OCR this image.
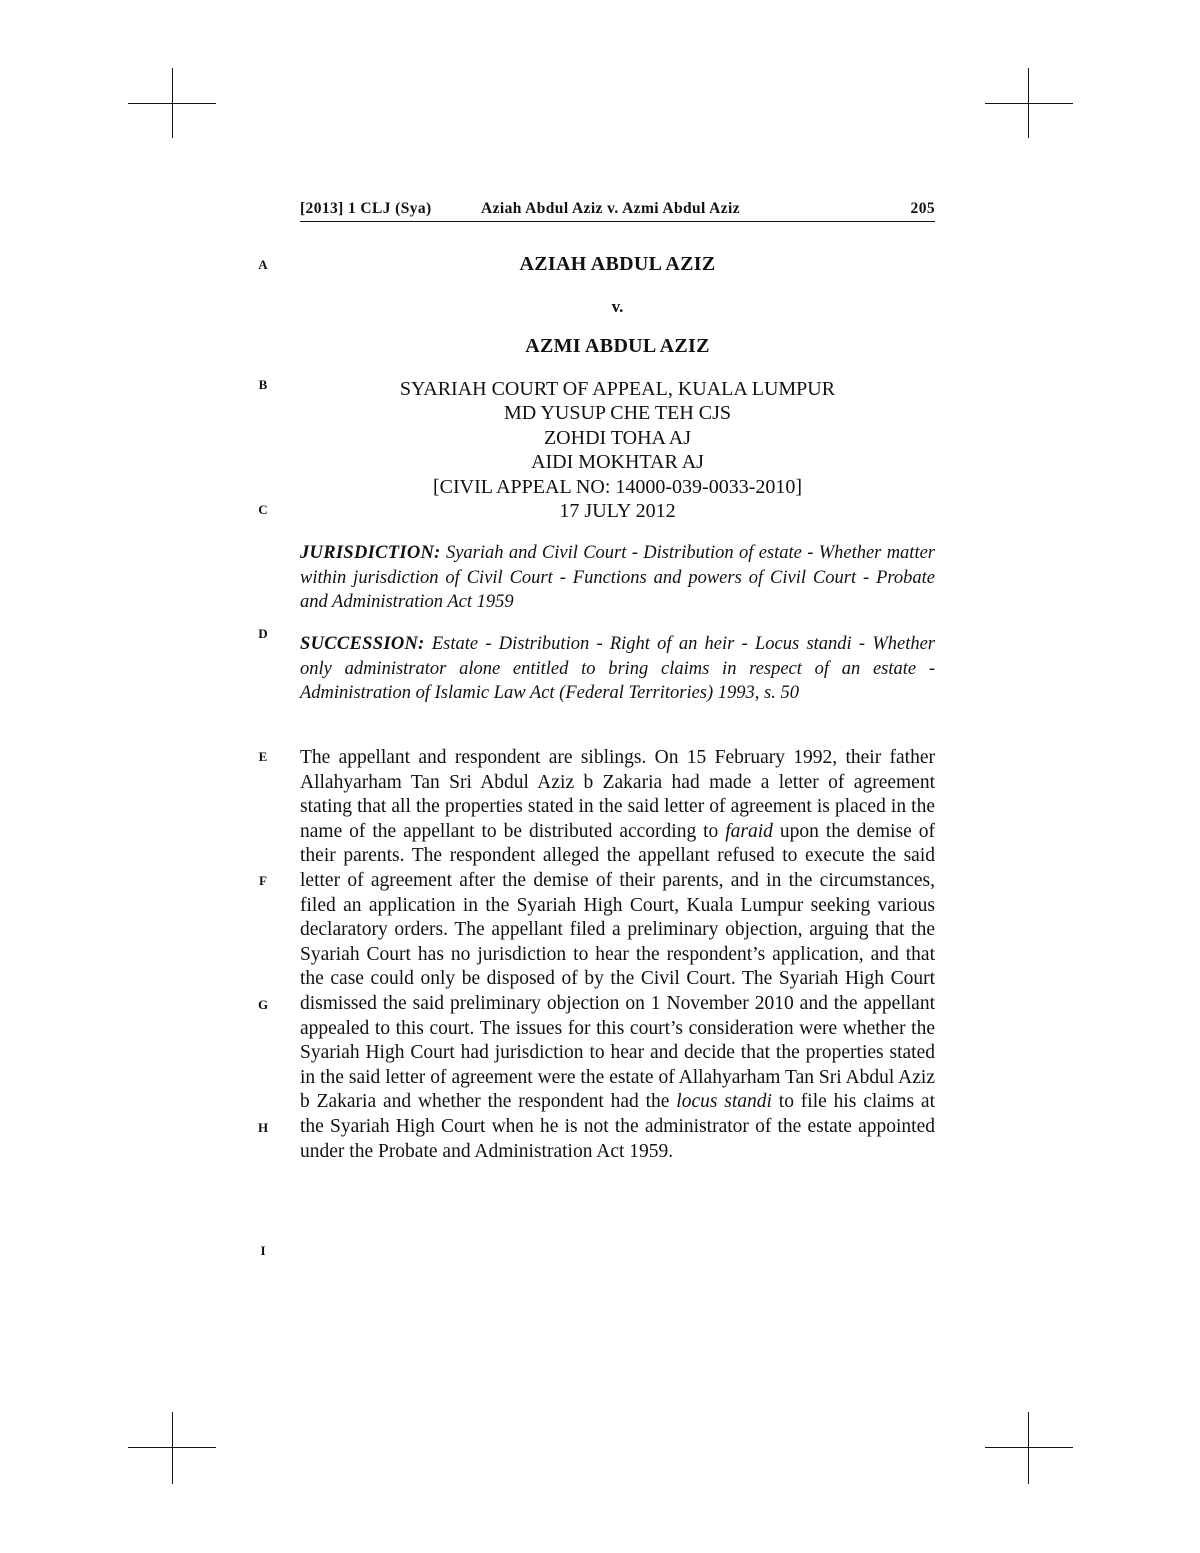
[2013] 1 CLJ (Sya)	Aziah Abdul Aziz v. Azmi Abdul Aziz	205
A
B
C
D
E
F
G
H
I
AZIAH ABDUL AZIZ
v.
AZMI ABDUL AZIZ
SYARIAH COURT OF APPEAL, KUALA LUMPUR
MD YUSUP CHE TEH CJS
ZOHDI TOHA AJ
AIDI MOKHTAR AJ
[CIVIL APPEAL NO: 14000-039-0033-2010]
17 JULY 2012
JURISDICTION: Syariah and Civil Court - Distribution of estate - Whether matter within jurisdiction of Civil Court - Functions and powers of Civil Court - Probate and Administration Act 1959
SUCCESSION: Estate - Distribution - Right of an heir - Locus standi - Whether only administrator alone entitled to bring claims in respect of an estate - Administration of Islamic Law Act (Federal Territories) 1993, s. 50
The appellant and respondent are siblings. On 15 February 1992, their father Allahyarham Tan Sri Abdul Aziz b Zakaria had made a letter of agreement stating that all the properties stated in the said letter of agreement is placed in the name of the appellant to be distributed according to faraid upon the demise of their parents. The respondent alleged the appellant refused to execute the said letter of agreement after the demise of their parents, and in the circumstances, filed an application in the Syariah High Court, Kuala Lumpur seeking various declaratory orders. The appellant filed a preliminary objection, arguing that the Syariah Court has no jurisdiction to hear the respondent’s application, and that the case could only be disposed of by the Civil Court. The Syariah High Court dismissed the said preliminary objection on 1 November 2010 and the appellant appealed to this court. The issues for this court’s consideration were whether the Syariah High Court had jurisdiction to hear and decide that the properties stated in the said letter of agreement were the estate of Allahyarham Tan Sri Abdul Aziz b Zakaria and whether the respondent had the locus standi to file his claims at the Syariah High Court when he is not the administrator of the estate appointed under the Probate and Administration Act 1959.
